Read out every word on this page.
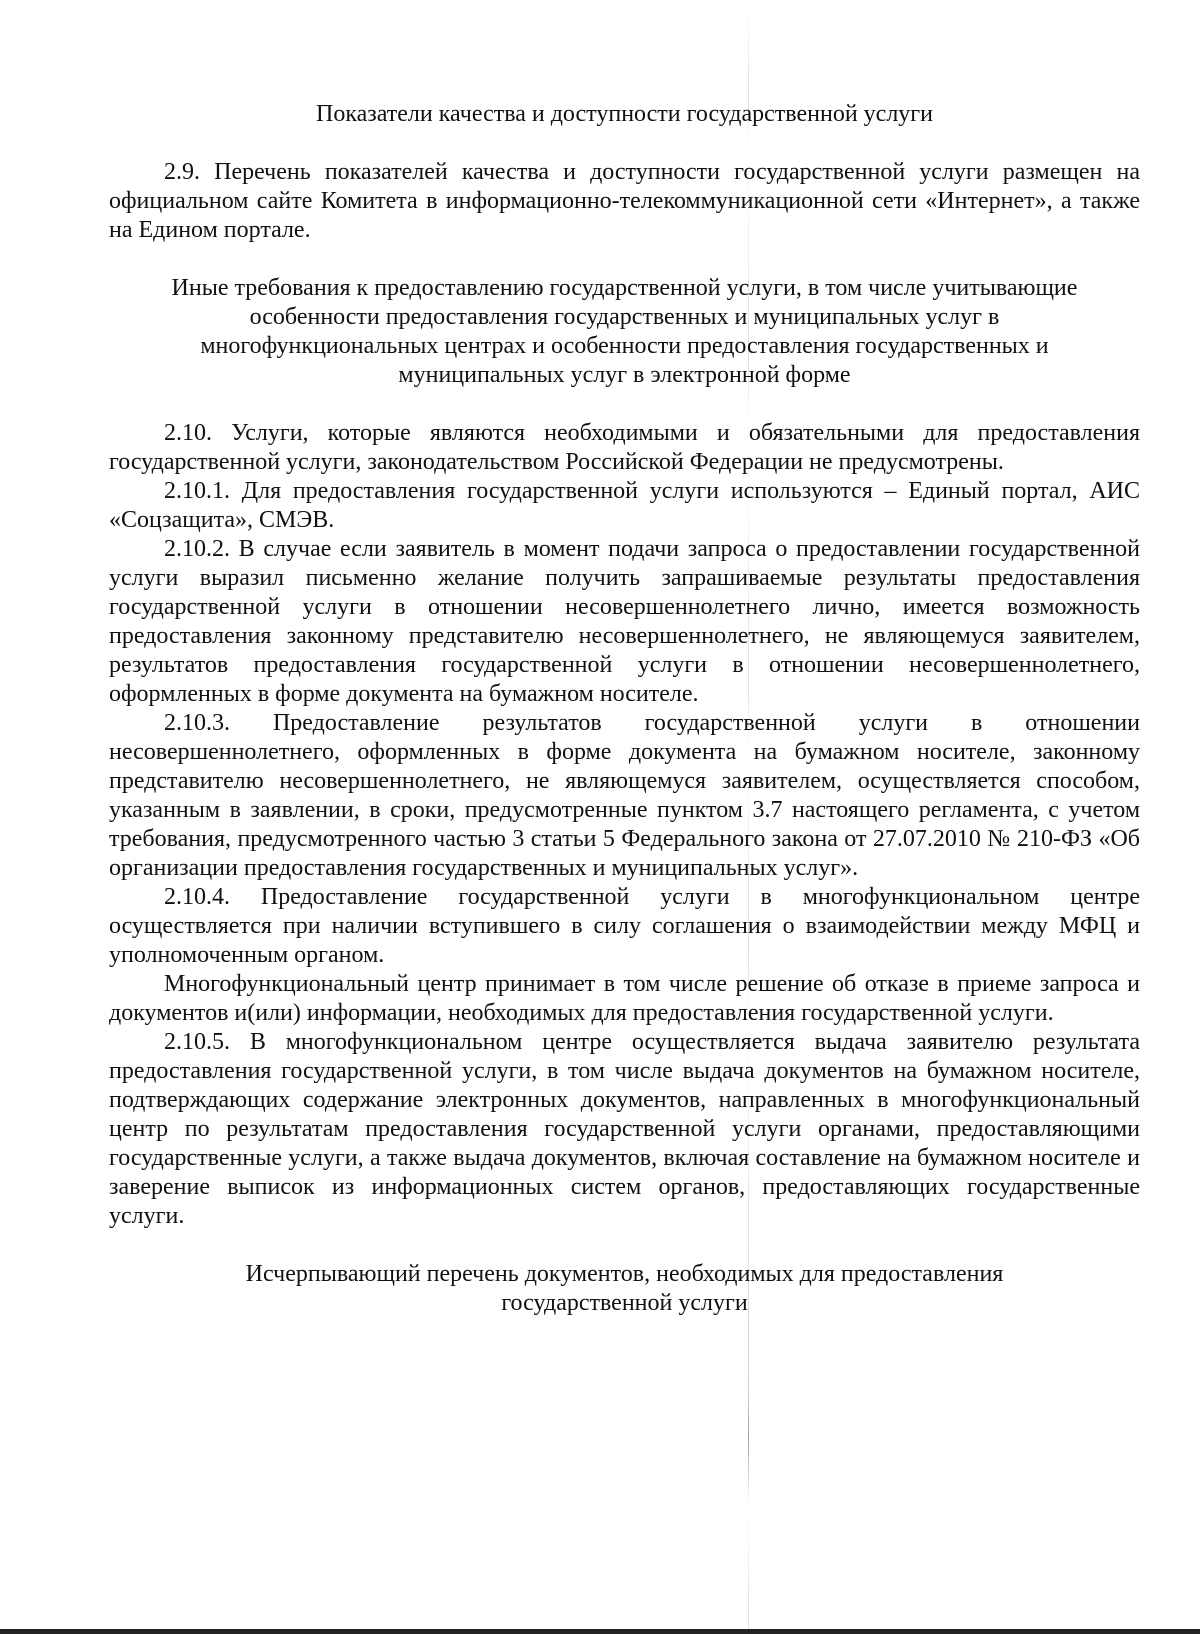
Показатели качества и доступности государственной услуги

2.9. Перечень показателей качества и доступности государственной услуги размещен на официальном сайте Комитета в информационно-телекоммуникационной сети «Интернет», а также на Едином портале.

Иные требования к предоставлению государственной услуги, в том числе учитывающие особенности предоставления государственных и муниципальных услуг в многофункциональных центрах и особенности предоставления государственных и муниципальных услуг в электронной форме

2.10. Услуги, которые являются необходимыми и обязательными для предоставления государственной услуги, законодательством Российской Федерации не предусмотрены.

2.10.1. Для предоставления государственной услуги используются – Единый портал, АИС «Соцзащита», СМЭВ.

2.10.2. В случае если заявитель в момент подачи запроса о предоставлении государственной услуги выразил письменно желание получить запрашиваемые результаты предоставления государственной услуги в отношении несовершеннолетнего лично, имеется возможность предоставления законному представителю несовершеннолетнего, не являющемуся заявителем, результатов предоставления государственной услуги в отношении несовершеннолетнего, оформленных в форме документа на бумажном носителе.

2.10.3. Предоставление результатов государственной услуги в отношении несовершеннолетнего, оформленных в форме документа на бумажном носителе, законному представителю несовершеннолетнего, не являющемуся заявителем, осуществляется способом, указанным в заявлении, в сроки, предусмотренные пунктом 3.7 настоящего регламента, с учетом требования, предусмотренного частью 3 статьи 5 Федерального закона от 27.07.2010 № 210-ФЗ «Об организации предоставления государственных и муниципальных услуг».

2.10.4. Предоставление государственной услуги в многофункциональном центре осуществляется при наличии вступившего в силу соглашения о взаимодействии между МФЦ и уполномоченным органом.

Многофункциональный центр принимает в том числе решение об отказе в приеме запроса и документов и(или) информации, необходимых для предоставления государственной услуги.

2.10.5. В многофункциональном центре осуществляется выдача заявителю результата предоставления государственной услуги, в том числе выдача документов на бумажном носителе, подтверждающих содержание электронных документов, направленных в многофункциональный центр по результатам предоставления государственной услуги органами, предоставляющими государственные услуги, а также выдача документов, включая составление на бумажном носителе и заверение выписок из информационных систем органов, предоставляющих государственные услуги.

Исчерпывающий перечень документов, необходимых для предоставления государственной услуги
